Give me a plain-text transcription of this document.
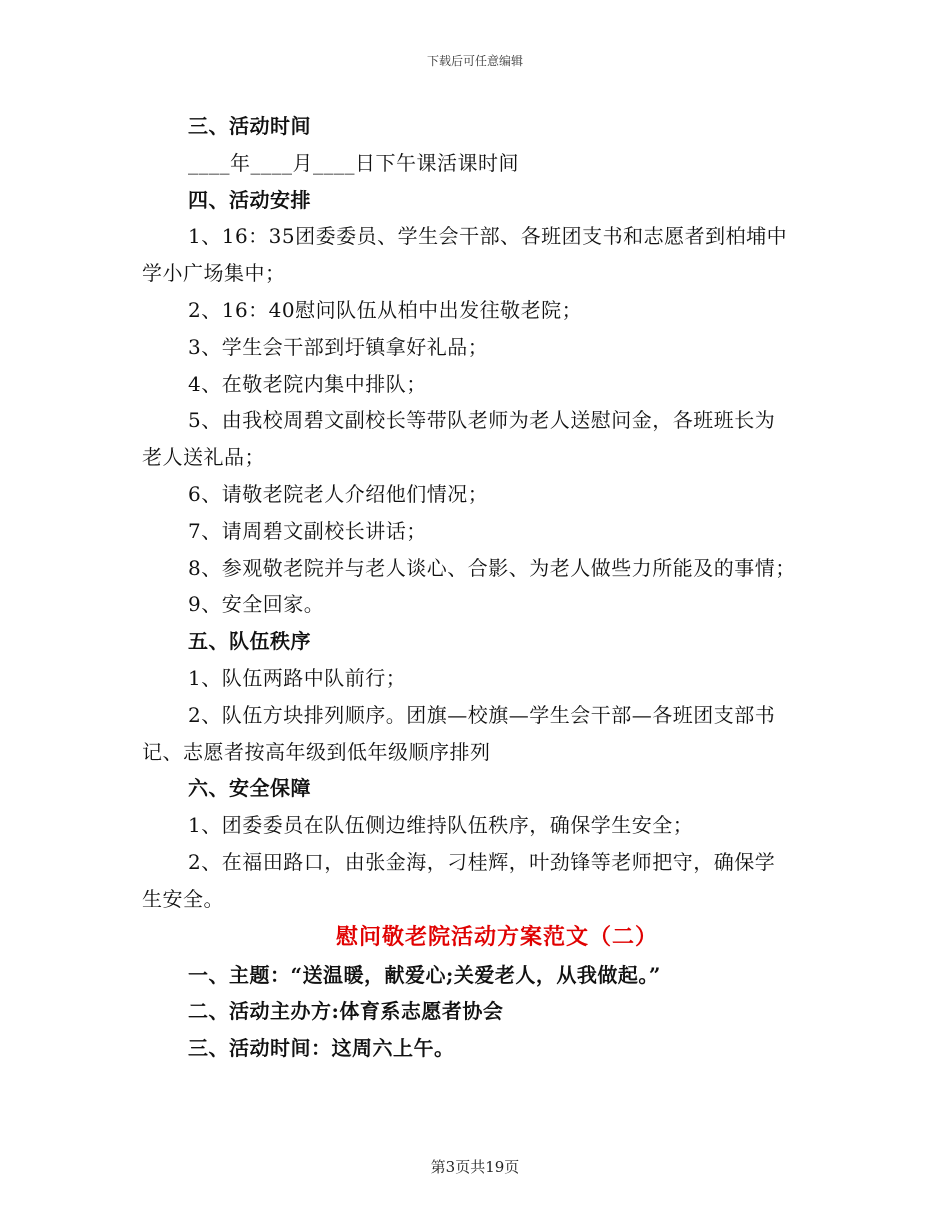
下载后可任意编辑
三、活动时间
____年____月____日下午课活课时间
四、活动安排
1、16：35团委委员、学生会干部、各班团支书和志愿者到柏埔中
学小广场集中；
2、16：40慰问队伍从柏中出发往敬老院；
3、学生会干部到圩镇拿好礼品；
4、在敬老院内集中排队；
5、由我校周碧文副校长等带队老师为老人送慰问金，各班班长为
老人送礼品；
6、请敬老院老人介绍他们情况；
7、请周碧文副校长讲话；
8、参观敬老院并与老人谈心、合影、为老人做些力所能及的事情；
9、安全回家。
五、队伍秩序
1、队伍两路中队前行；
2、队伍方块排列顺序。团旗—校旗—学生会干部—各班团支部书
记、志愿者按高年级到低年级顺序排列
六、安全保障
1、团委委员在队伍侧边维持队伍秩序，确保学生安全；
2、在福田路口，由张金海，刁桂辉，叶劲锋等老师把守，确保学
生安全。
慰问敬老院活动方案范文（二）
一、主题：“送温暖，献爱心;关爱老人，从我做起。”
二、活动主办方:体育系志愿者协会
三、活动时间：这周六上午。
第3页共19页
